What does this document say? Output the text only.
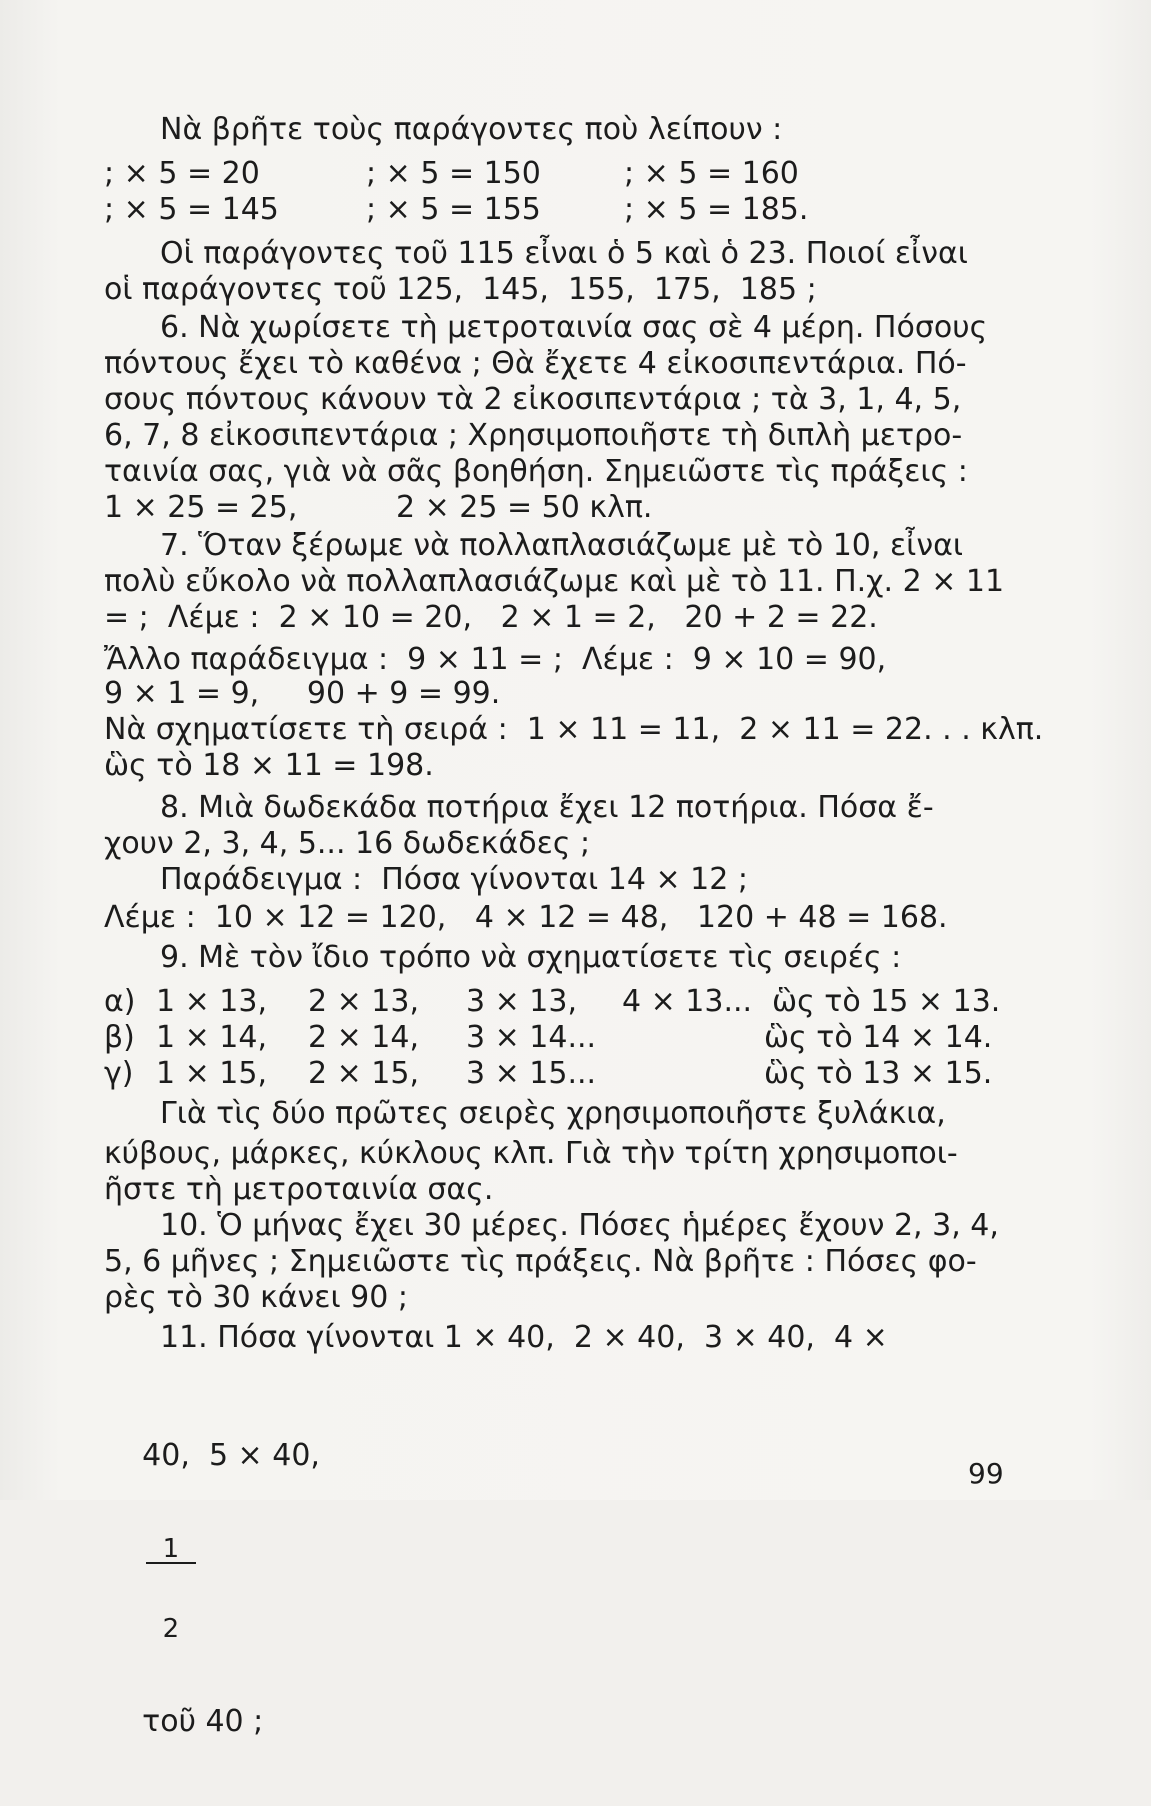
Νὰ βρῆτε τοὺς παράγοντες ποὺ λείπουν :
; × 5 = 20	; × 5 = 150	; × 5 = 160
; × 5 = 145	; × 5 = 155	; × 5 = 185.
Οἱ παράγοντες τοῦ 115 εἶναι ὁ 5 καὶ ὁ 23. Ποιοί εἶναι
οἱ παράγοντες τοῦ 125,  145,  155,  175,  185 ;
6. Νὰ χωρίσετε τὴ μετροταινία σας σὲ 4 μέρη. Πόσους
πόντους ἔχει τὸ καθένα ; Θὰ ἔχετε 4 εἰκοσιπεντάρια. Πό-
σους πόντους κάνουν τὰ 2 εἰκοσιπεντάρια ; τὰ 3, 1, 4, 5,
6, 7, 8 εἰκοσιπεντάρια ; Χρησιμοποιῆστε τὴ διπλὴ μετρο-
ταινία σας, γιὰ νὰ σᾶς βοηθήση. Σημειῶστε τὶς πράξεις :
1 × 25 = 25,	2 × 25 = 50 κλπ.
7. Ὅταν ξέρωμε νὰ πολλαπλασιάζωμε μὲ τὸ 10, εἶναι
πολὺ εὔκολο νὰ πολλαπλασιάζωμε καὶ μὲ τὸ 11. Π.χ. 2 × 11
= ;  Λέμε :  2 × 10 = 20,   2 × 1 = 2,   20 + 2 = 22.
Ἄλλο παράδειγμα :  9 × 11 = ;  Λέμε :  9 × 10 = 90,
9 × 1 = 9,     90 + 9 = 99.
Νὰ σχηματίσετε τὴ σειρά :  1 × 11 = 11,  2 × 11 = 22. . . κλπ.
ὣς τὸ 18 × 11 = 198.
8. Μιὰ δωδεκάδα ποτήρια ἔχει 12 ποτήρια. Πόσα ἔ-
χουν 2, 3, 4, 5... 16 δωδεκάδες ;
Παράδειγμα :  Πόσα γίνονται 14 × 12 ;
Λέμε :  10 × 12 = 120,   4 × 12 = 48,   120 + 48 = 168.
9. Μὲ τὸν ἴδιο τρόπο νὰ σχηματίσετε τὶς σειρές :
α) 1 × 13, 2 × 13, 3 × 13, 4 × 13... ὣς τὸ 15 × 13.
β) 1 × 14, 2 × 14, 3 × 14...	ὣς τὸ 14 × 14.
γ) 1 × 15, 2 × 15, 3 × 15...	ὣς τὸ 13 × 15.
Γιὰ τὶς δύο πρῶτες σειρὲς χρησιμοποιῆστε ξυλάκια,
κύβους, μάρκες, κύκλους κλπ. Γιὰ τὴν τρίτη χρησιμοποι-
ῆστε τὴ μετροταινία σας.
10. Ὁ μήνας ἔχει 30 μέρες. Πόσες ἡμέρες ἔχουν 2, 3, 4,
5, 6 μῆνες ; Σημειῶστε τὶς πράξεις. Νὰ βρῆτε : Πόσες φο-
ρὲς τὸ 30 κάνει 90 ;
11. Πόσα γίνονται 1 × 40,  2 × 40,  3 × 40,  4 ×

40,  5 × 40,

$\frac{1}{2}$

τοῦ 40 ;

99
